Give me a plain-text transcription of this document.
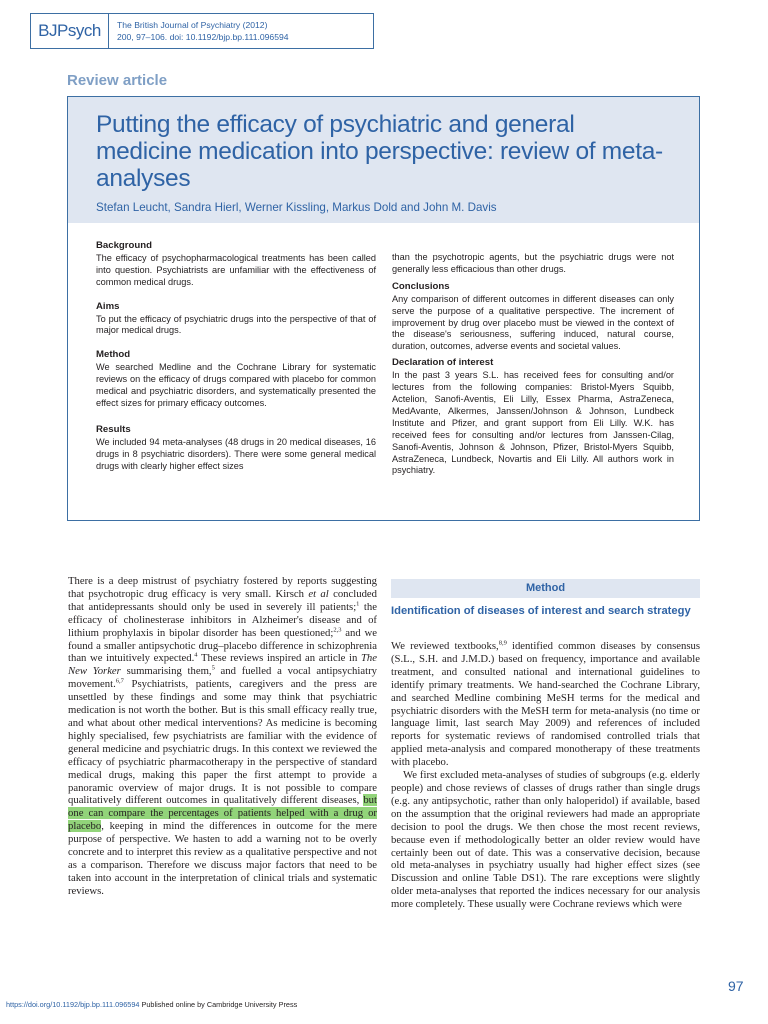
BJPsych	The British Journal of Psychiatry (2012)
200, 97–106. doi: 10.1192/bjp.bp.111.096594
Review article
Putting the efficacy of psychiatric and general medicine medication into perspective: review of meta-analyses
Stefan Leucht, Sandra Hierl, Werner Kissling, Markus Dold and John M. Davis
Background

The efficacy of psychopharmacological treatments has been called into question. Psychiatrists are unfamiliar with the effectiveness of common medical drugs.

Aims

To put the efficacy of psychiatric drugs into the perspective of that of major medical drugs.

Method

We searched Medline and the Cochrane Library for systematic reviews on the efficacy of drugs compared with placebo for common medical and psychiatric disorders, and systematically presented the effect sizes for primary efficacy outcomes.

Results

We included 94 meta-analyses (48 drugs in 20 medical diseases, 16 drugs in 8 psychiatric disorders). There were some general medical drugs with clearly higher effect sizes

than the psychotropic agents, but the psychiatric drugs were not generally less efficacious than other drugs.

Conclusions

Any comparison of different outcomes in different diseases can only serve the purpose of a qualitative perspective. The increment of improvement by drug over placebo must be viewed in the context of the disease's seriousness, suffering induced, natural course, duration, outcomes, adverse events and societal values.

Declaration of interest

In the past 3 years S.L. has received fees for consulting and/or lectures from the following companies: Bristol-Myers Squibb, Actelion, Sanofi-Aventis, Eli Lilly, Essex Pharma, AstraZeneca, MedAvante, Alkermes, Janssen/Johnson & Johnson, Lundbeck Institute and Pfizer, and grant support from Eli Lilly. W.K. has received fees for consulting and/or lectures from Janssen-Cilag, Sanofi-Aventis, Johnson & Johnson, Pfizer, Bristol-Myers Squibb, AstraZeneca, Lundbeck, Novartis and Eli Lilly. All authors work in psychiatry.

There is a deep mistrust of psychiatry fostered by reports suggesting that psychotropic drug efficacy is very small. Kirsch et al concluded that antidepressants should only be used in severely ill patients;$^1$ the efficacy of cholinesterase inhibitors in Alzheimer's disease and of lithium prophylaxis in bipolar disorder has been questioned;$^{2,3}$ and we found a smaller antipsychotic drug–placebo difference in schizophrenia than we intuitively expected.$^4$ These reviews inspired an article in The New Yorker summarising them,$^5$ and fuelled a vocal antipsychiatry movement.$^{6,7}$ Psychiatrists, patients, caregivers and the press are unsettled by these findings and some may think that psychiatric medication is not worth the bother. But is this small efficacy really true, and what about other medical interventions? As medicine is becoming highly specialised, few psychiatrists are familiar with the evidence of general medicine and psychiatric drugs. In this context we reviewed the efficacy of psychiatric pharmacotherapy in the perspective of standard medical drugs, making this paper the first attempt to provide a panoramic overview of major drugs. It is not possible to compare qualitatively different outcomes in qualitatively different diseases, but one can compare the percentages of patients helped with a drug or placebo, keeping in mind the differences in outcome for the mere purpose of perspective. We hasten to add a warning not to be overly concrete and to interpret this review as a qualitative perspective and not as a comparison. Therefore we discuss major factors that need to be taken into account in the interpretation of clinical trials and systematic reviews.
Method
Identification of diseases of interest and search strategy

We reviewed textbooks,$^{8,9}$ identified common diseases by consensus (S.L., S.H. and J.M.D.) based on frequency, importance and available treatment, and consulted national and international guidelines to identify primary treatments. We hand-searched the Cochrane Library, and searched Medline combining MeSH terms for the medical and psychiatric disorders with the MeSH term for meta-analysis (no time or language limit, last search May 2009) and references of included reports for systematic reviews of randomised controlled trials that applied meta-analysis and compared monotherapy of these treatments with placebo.

We first excluded meta-analyses of studies of subgroups (e.g. elderly people) and chose reviews of classes of drugs rather than single drugs (e.g. any antipsychotic, rather than only haloperidol) if available, based on the assumption that the original reviewers had made an appropriate decision to pool the drugs. We then chose the most recent reviews, because even if methodologically better an older review would have certainly been out of date. This was a conservative decision, because old meta-analyses in psychiatry usually had higher effect sizes (see Discussion and online Table DS1). The rare exceptions were slightly older meta-analyses that reported the indices necessary for our analysis more completely. These usually were Cochrane reviews which were

97
https://doi.org/10.1192/bjp.bp.111.096594 Published online by Cambridge University Press
